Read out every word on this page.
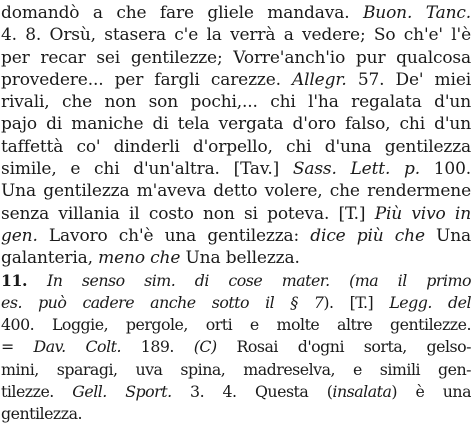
domandò a che fare gliele mandava. Buon. Tanc.
4. 8. Orsù, stasera c'e la verrà a vedere; So ch'e' l'è
per recar sei gentilezze; Vorre'anch'io pur qualcosa
provedere... per fargli carezze. Allegr. 57. De' miei
rivali, che non son pochi,... chi l'ha regalata d'un
pajo di maniche di tela vergata d'oro falso, chi d'un
taffettà co' dinderli d'orpello, chi d'una gentilezza
simile, e chi d'un'altra. [Tav.] Sass. Lett. p. 100.
Una gentilezza m'aveva detto volere, che rendermene
senza villania il costo non si poteva. [T.] Più vivo in
gen. Lavoro ch'è una gentilezza: dice più che Una
galanteria, meno che Una bellezza.
11. In senso sim. di cose mater. (ma il primo
es. può cadere anche sotto il § 7). [T.] Legg. del
400. Loggie, pergole, orti e molte altre gentilezze.
= Dav. Colt. 189. (C) Rosai d'ogni sorta, gelso-
mini, sparagi, uva spina, madreselva, e simili gen-
tilezze. Gell. Sport. 3. 4. Questa (insalata) è una
gentilezza.
